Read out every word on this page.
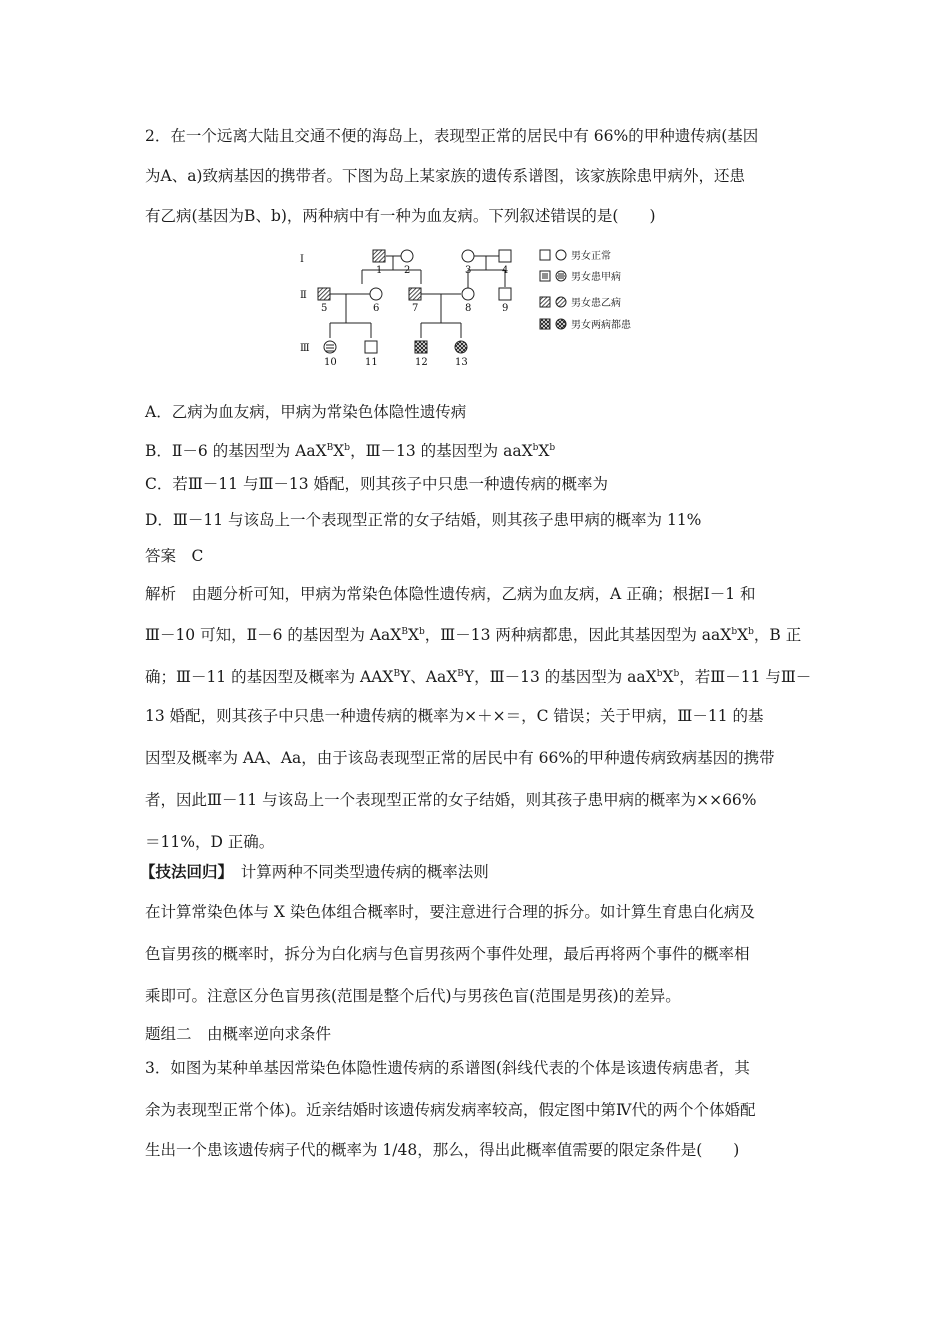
2．在一个远离大陆且交通不便的海岛上，表现型正常的居民中有 66%的甲种遗传病(基因
为A、a)致病基因的携带者。下图为岛上某家族的遗传系谱图，该家族除患甲病外，还患
有乙病(基因为B、b)，两种病中有一种为血友病。下列叙述错误的是(　　)
Ⅰ
Ⅱ
Ⅲ
1 2	3	4
5	6	7	8	9
10	11	12	13
男女正常
男女患甲病
男女患乙病
男女两病都患
A．乙病为血友病，甲病为常染色体隐性遗传病
B．Ⅱ－6 的基因型为 $AaX^BX^b$，Ⅲ－13 的基因型为 $aaX^bX^b$
C．若Ⅲ－11 与Ⅲ－13 婚配，则其孩子中只患一种遗传病的概率为
D．Ⅲ－11 与该岛上一个表现型正常的女子结婚，则其孩子患甲病的概率为 11%
答案　C
解析　由题分析可知，甲病为常染色体隐性遗传病，乙病为血友病，A 正确；根据Ⅰ－1 和
Ⅲ－10 可知，Ⅱ－6 的基因型为 $AaX^BX^b$，Ⅲ－13 两种病都患，因此其基因型为 $aaX^bX^b$，B 正
确；Ⅲ－11 的基因型及概率为 $AAX^BY$、AaX$^B$Y，Ⅲ－13 的基因型为 $aaX^bX^b$，若Ⅲ－11 与Ⅲ－
13 婚配，则其孩子中只患一种遗传病的概率为×＋×＝，C 错误；关于甲病，Ⅲ－11 的基
因型及概率为 AA、Aa，由于该岛表现型正常的居民中有 66%的甲种遗传病致病基因的携带
者，因此Ⅲ－11 与该岛上一个表现型正常的女子结婚，则其孩子患甲病的概率为××66%
＝11%，D 正确。
【技法回归】　计算两种不同类型遗传病的概率法则
在计算常染色体与 X 染色体组合概率时，要注意进行合理的拆分。如计算生育患白化病及
色盲男孩的概率时，拆分为白化病与色盲男孩两个事件处理，最后再将两个事件的概率相
乘即可。注意区分色盲男孩(范围是整个后代)与男孩色盲(范围是男孩)的差异。
题组二　由概率逆向求条件
3．如图为某种单基因常染色体隐性遗传病的系谱图(斜线代表的个体是该遗传病患者，其
余为表现型正常个体)。近亲结婚时该遗传病发病率较高，假定图中第Ⅳ代的两个个体婚配
生出一个患该遗传病子代的概率为 1/48，那么，得出此概率值需要的限定条件是(　　)
